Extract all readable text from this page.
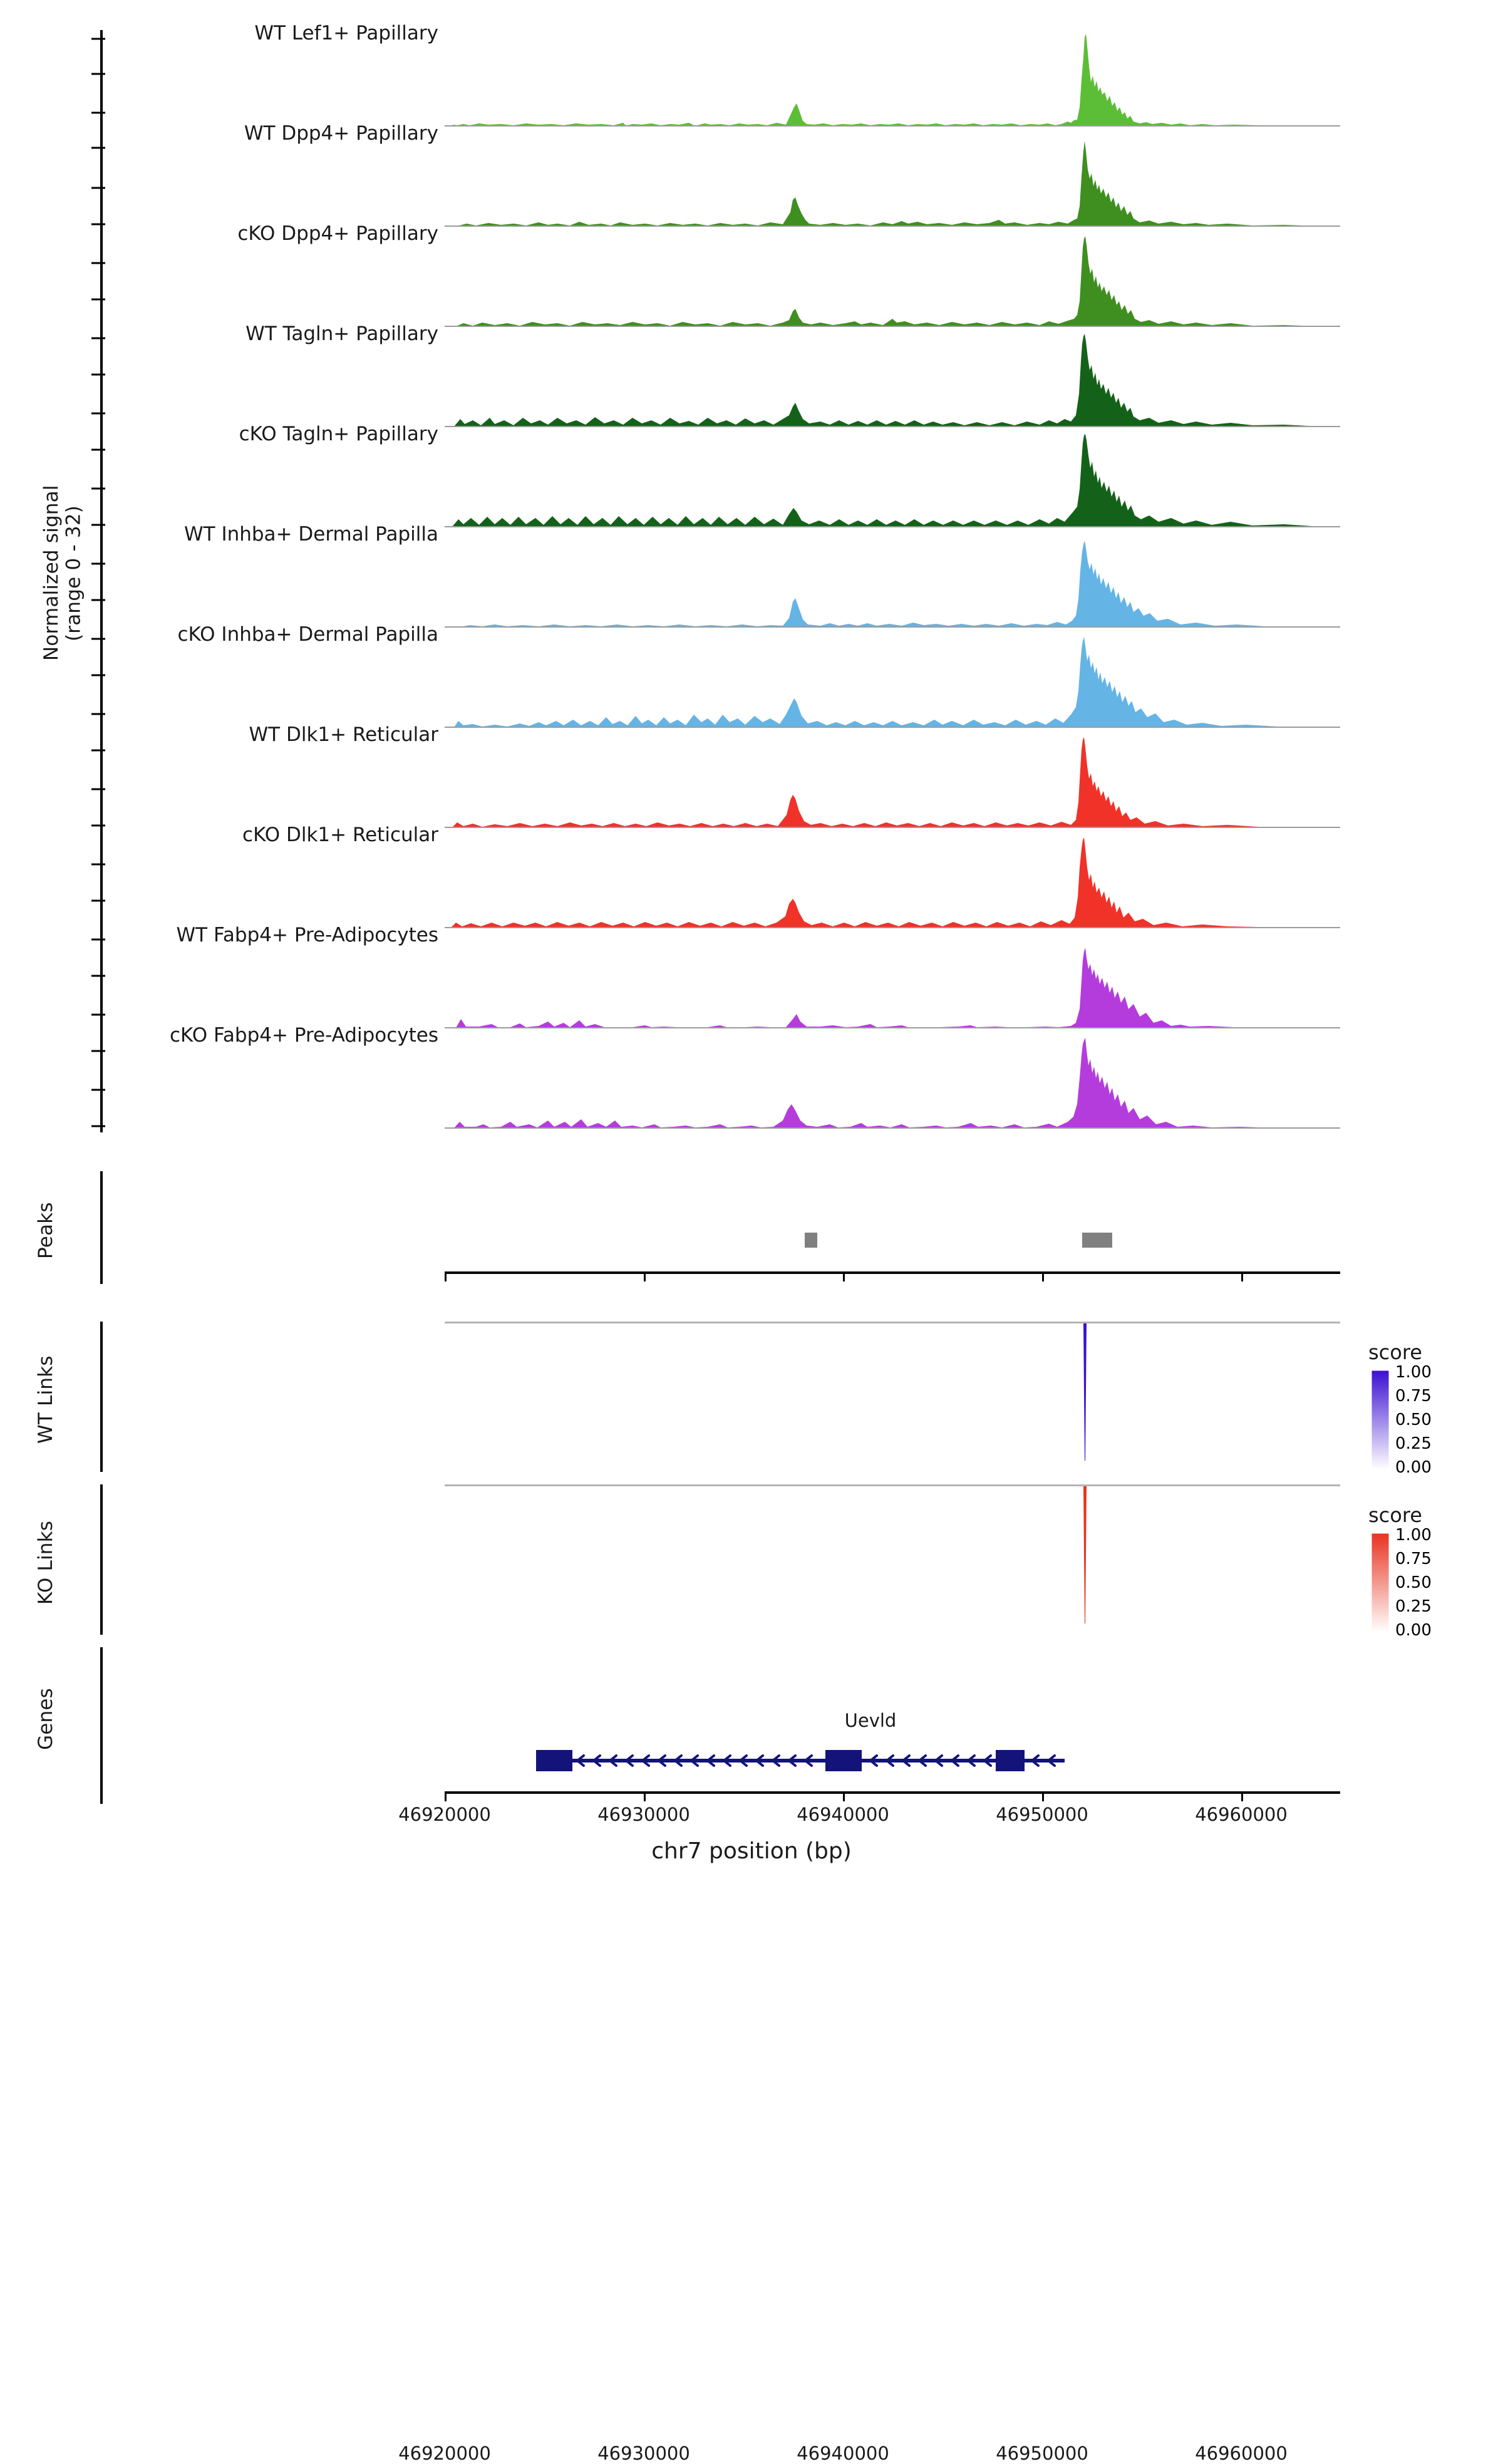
Normalized signal
(range 0 - 32)
WT Lef1+ Papillary
WT Dpp4+ Papillary
cKO Dpp4+ Papillary
WT Tagln+ Papillary
cKO Tagln+ Papillary
WT Inhba+ Dermal Papilla
cKO Inhba+ Dermal Papilla
WT Dlk1+ Reticular
cKO Dlk1+ Reticular
WT Fabp4+ Pre-Adipocytes
cKO Fabp4+ Pre-Adipocytes
Peaks
46920000	46930000	46940000	46950000	46960000
WT Links
score
1.00
0.75
0.50
0.25
0.00
KO Links
score
1.00
0.75
0.50
0.25
0.00
Genes	Uevld
46920000	46930000	46940000	46950000	46960000
chr7 position (bp)
